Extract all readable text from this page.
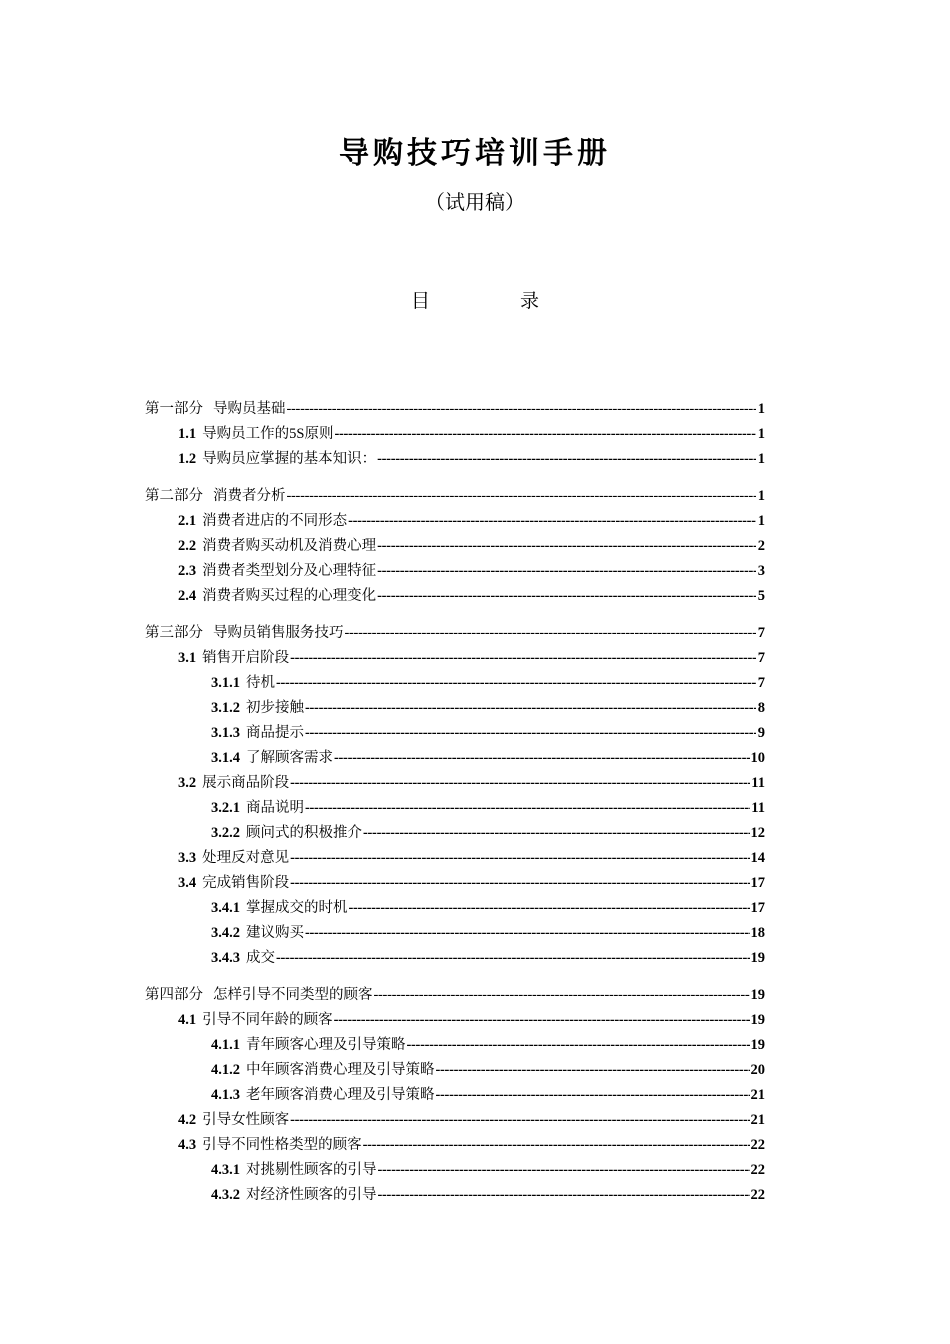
导购技巧培训手册
（试用稿）
目	录
第一部分 导购员基础 -----	1
1.1 导购员工作的5S原则 -----	1
1.2 导购员应掌握的基本知识： -----	1
第二部分 消费者分析 -----	1
2.1 消费者进店的不同形态 -----	1
2.2 消费者购买动机及消费心理 -----	2
2.3 消费者类型划分及心理特征 -----	3
2.4 消费者购买过程的心理变化 -----	5
第三部分 导购员销售服务技巧 -----	7
3.1 销售开启阶段 -----	7
3.1.1 待机 -----	7
3.1.2 初步接触 -----	8
3.1.3 商品提示 -----	9
3.1.4 了解顾客需求 -----	10
3.2 展示商品阶段 -----	11
3.2.1 商品说明 -----	11
3.2.2 顾问式的积极推介 -----	12
3.3 处理反对意见 -----	14
3.4 完成销售阶段 -----	17
3.4.1 掌握成交的时机 -----	17
3.4.2 建议购买 -----	18
3.4.3 成交 -----	19
第四部分 怎样引导不同类型的顾客 -----	19
4.1 引导不同年龄的顾客 -----	19
4.1.1 青年顾客心理及引导策略 -----	19
4.1.2 中年顾客消费心理及引导策略 -----	20
4.1.3 老年顾客消费心理及引导策略 -----	21
4.2 引导女性顾客 -----	21
4.3 引导不同性格类型的顾客 -----	22
4.3.1 对挑剔性顾客的引导 -----	22
4.3.2 对经济性顾客的引导 -----	22
